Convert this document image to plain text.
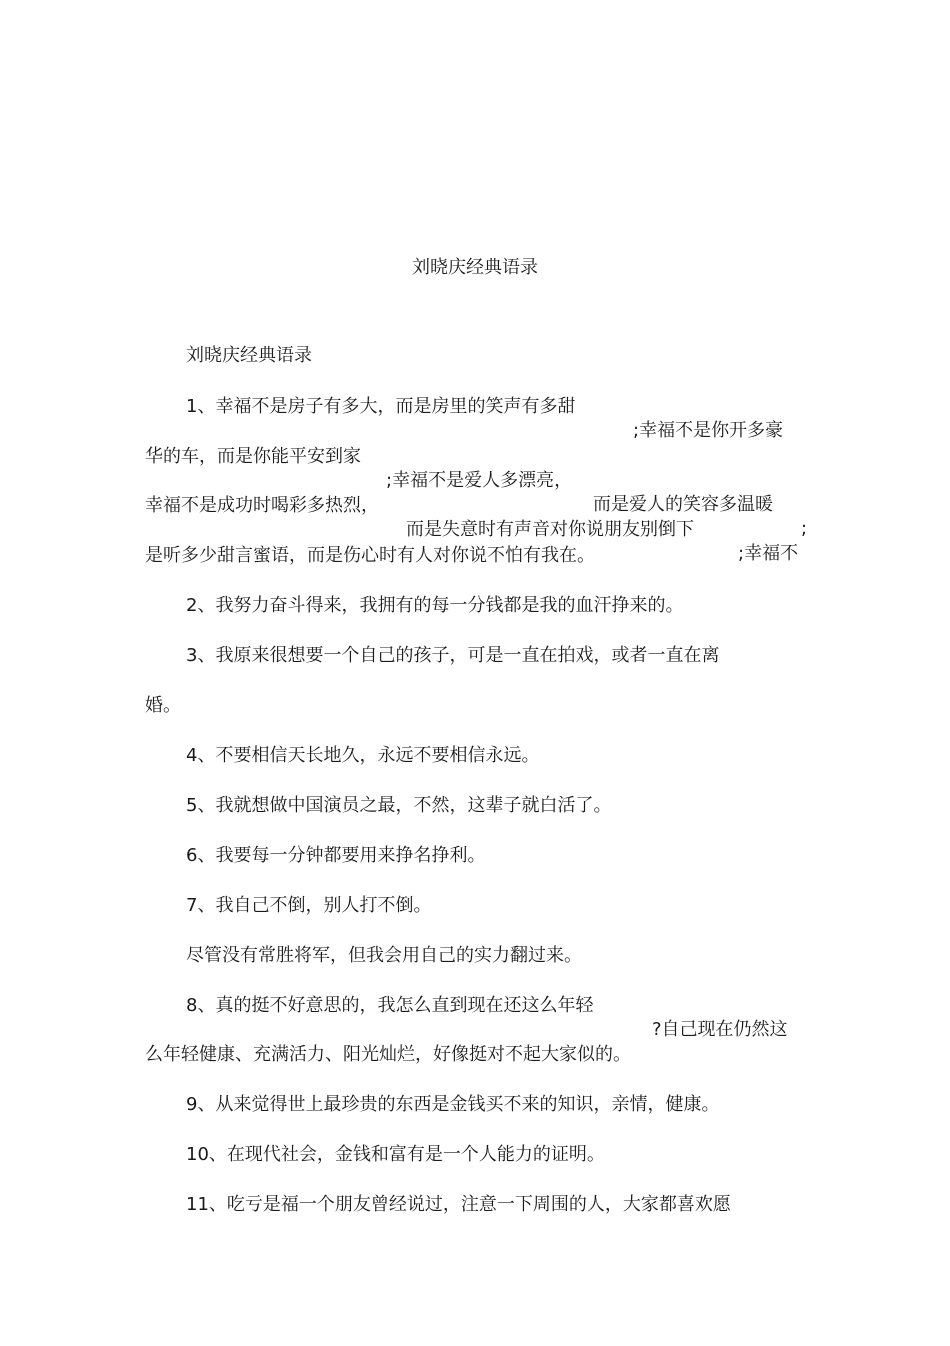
刘晓庆经典语录

刘晓庆经典语录

1、幸福不是房子有多大，而是房里的笑声有多甜

;幸福不是你开多豪

华的车，而是你能平安到家

;幸福不是爱人多漂亮，

而是爱人的笑容多温暖

;

幸福不是成功时喝彩多热烈，

而是失意时有声音对你说朋友别倒下

;幸福不

是听多少甜言蜜语，而是伤心时有人对你说不怕有我在。

2、我努力奋斗得来，我拥有的每一分钱都是我的血汗挣来的。

3、我原来很想要一个自己的孩子，可是一直在拍戏，或者一直在离

婚。

4、不要相信天长地久，永远不要相信永远。

5、我就想做中国演员之最，不然，这辈子就白活了。

6、我要每一分钟都要用来挣名挣利。

7、我自己不倒，别人打不倒。

尽管没有常胜将军，但我会用自己的实力翻过来。

8、真的挺不好意思的，我怎么直到现在还这么年轻

?自己现在仍然这

么年轻健康、充满活力、阳光灿烂，好像挺对不起大家似的。

9、从来觉得世上最珍贵的东西是金钱买不来的知识，亲情，健康。

10、在现代社会，金钱和富有是一个人能力的证明。

11、吃亏是福一个朋友曾经说过，注意一下周围的人，大家都喜欢愿
